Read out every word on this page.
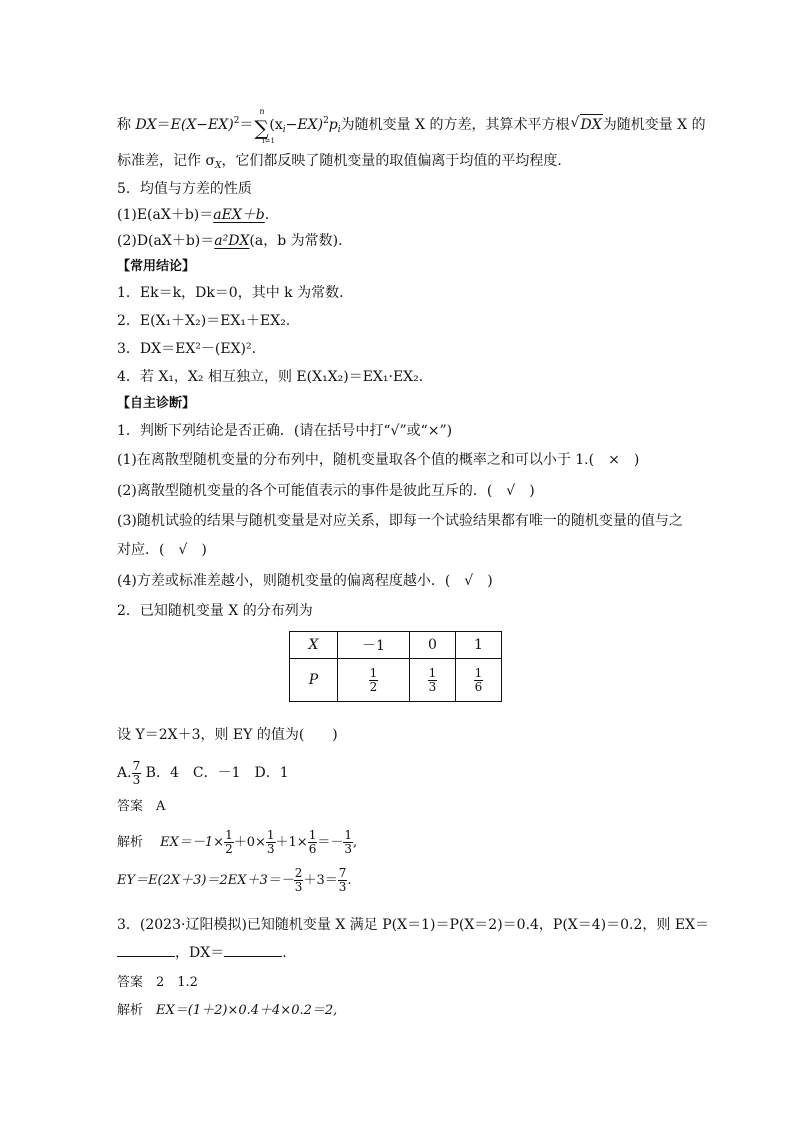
称 $DX=E(X-EX)^2=$
n
∑
i=1
$(x_i-EX)^2p_i$为随机变量 X 的方差，其算术平方根 √ DX为随机变量 X 的
标准差，记作 $\sigma_X$，它们都反映了随机变量的取值偏离于均值的平均程度．
5．均值与方差的性质
(1)E(aX＋b)＝aEX＋b.
(2)D(aX＋b)＝a²DX(a，b 为常数)．
【常用结论】
1．Ek＝k，Dk＝0，其中 k 为常数．
2．E(X₁＋X₂)＝EX₁＋EX₂.
3．DX＝EX²－(EX)².
4．若 X₁，X₂ 相互独立，则 E(X₁X₂)＝EX₁·EX₂.
【自主诊断】
1．判断下列结论是否正确．(请在括号中打“√”或“×”)
(1)在离散型随机变量的分布列中，随机变量取各个值的概率之和可以小于 1.(　×　)
(2)离散型随机变量的各个可能值表示的事件是彼此互斥的．(　√　)
(3)随机试验的结果与随机变量是对应关系，即每一个试验结果都有唯一的随机变量的值与之
对应．(　√　)
(4)方差或标准差越小，则随机变量的偏离程度越小．(　√　)
2．已知随机变量 X 的分布列为
X	－1	0	1
P	$\frac{1}{2}$	$\frac{1}{3}$	$\frac{1}{6}$
设 Y＝2X＋3，则 EY 的值为(　　)
A. $\frac{7}{3}$ B．4　C．－1　D．1
答案　A
解析　 $EX=-1\times \frac{1}{2} +0\times \frac{1}{3} +1\times \frac{1}{6} =- \frac{1}{3}$ ,
$EY=E(2X+3)=2EX+3=- \frac{2}{3} +3= \frac{7}{3}$ .
3．(2023·辽阳模拟)已知随机变量 X 满足 P(X＝1)＝P(X＝2)＝0.4，P(X＝4)＝0.2，则 EX＝
，DX＝	.
答案　2　1.2
解析　 EX＝(1＋2)×0.4＋4×0.2＝2,
